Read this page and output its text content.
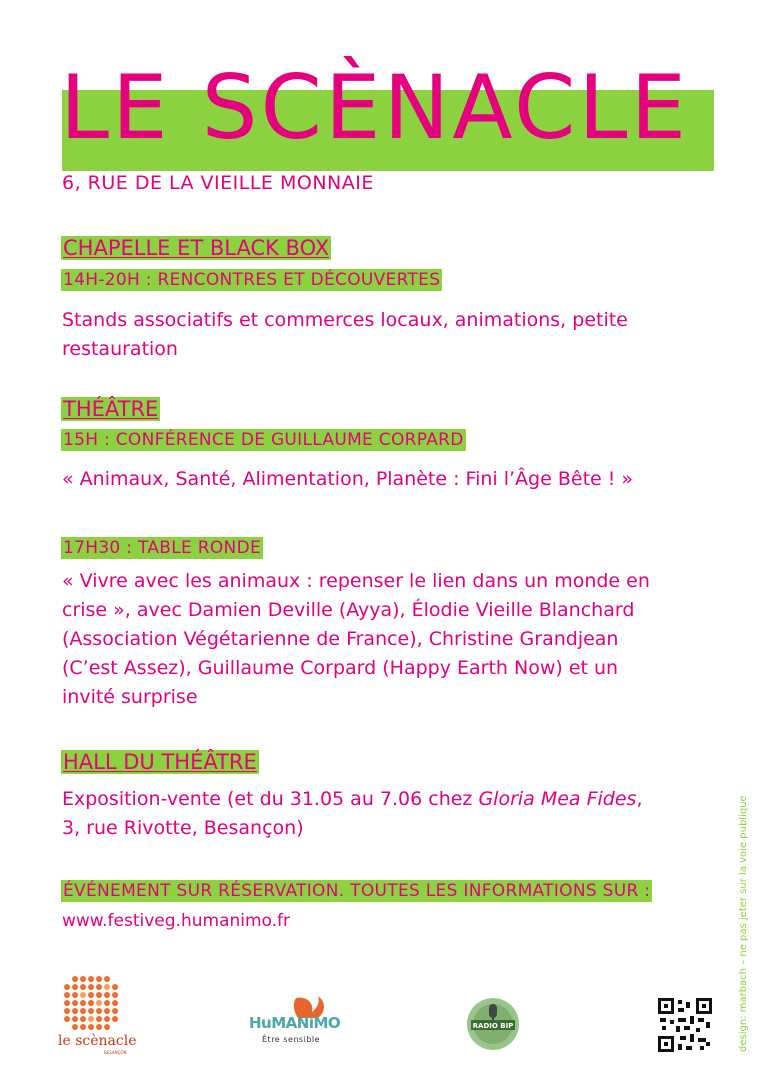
LE SCÈNACLE
6, RUE DE LA VIEILLE MONNAIE
CHAPELLE ET BLACK BOX
14H-20H : RENCONTRES ET DÉCOUVERTES
Stands associatifs et commerces locaux, animations, petite
restauration
THÉÂTRE
15H : CONFÉRENCE DE GUILLAUME CORPARD
« Animaux, Santé, Alimentation, Planète : Fini l’Âge Bête ! »
17H30 : TABLE RONDE
« Vivre avec les animaux : repenser le lien dans un monde en
crise », avec Damien Deville (Ayya), Élodie Vieille Blanchard
(Association Végétarienne de France), Christine Grandjean
(C’est Assez), Guillaume Corpard (Happy Earth Now) et un
invité surprise
HALL DU THÉÂTRE
Exposition-vente (et du 31.05 au 7.06 chez Gloria Mea Fides,
3, rue Rivotte, Besançon)
ÉVÉNEMENT SUR RÉSERVATION. TOUTES LES INFORMATIONS SUR :
www.festiveg.humanimo.fr
le scènacle
BESANÇON
HuMANiMO
Être sensible
RADIO BIP	design: marbach – ne pas jeter sur la voie publique
